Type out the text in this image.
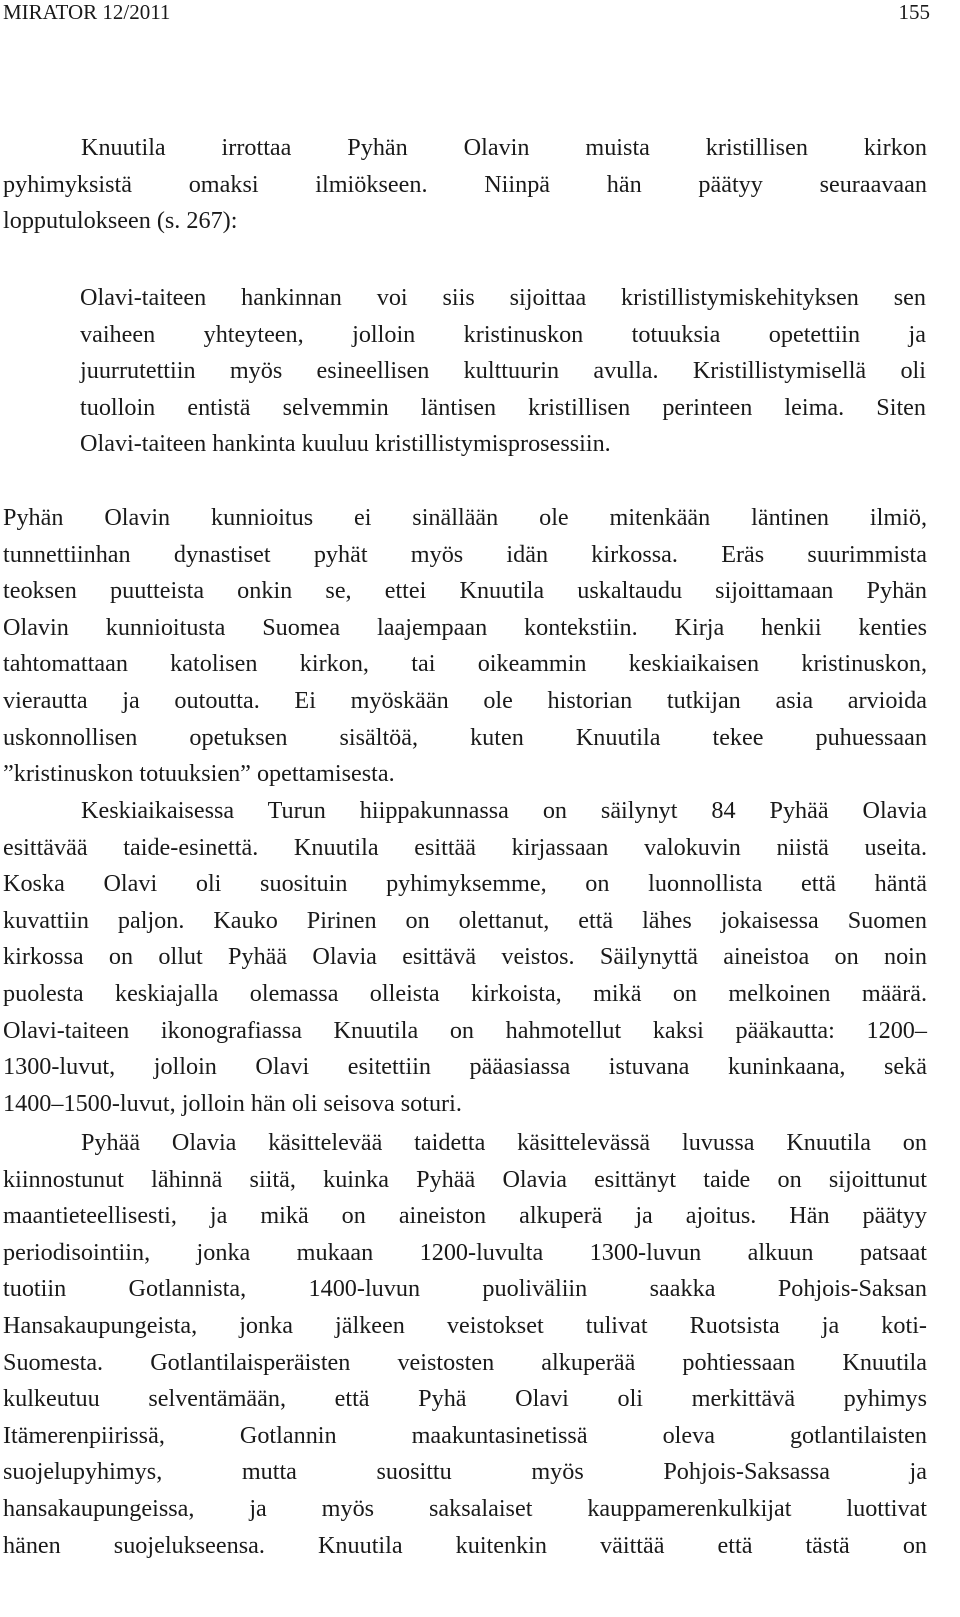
MIRATOR 12/2011	155
Knuutila irrottaa Pyhän Olavin muista kristillisen kirkon
pyhimyksistä omaksi ilmiökseen. Niinpä hän päätyy seuraavaan
lopputulokseen (s. 267):
Olavi-taiteen hankinnan voi siis sijoittaa kristillistymiskehityksen sen
vaiheen yhteyteen, jolloin kristinuskon totuuksia opetettiin ja
juurrutettiin myös esineellisen kulttuurin avulla. Kristillistymisellä oli
tuolloin entistä selvemmin läntisen kristillisen perinteen leima. Siten
Olavi-taiteen hankinta kuuluu kristillistymisprosessiin.
Pyhän Olavin kunnioitus ei sinällään ole mitenkään läntinen ilmiö,
tunnettiinhan dynastiset pyhät myös idän kirkossa. Eräs suurimmista
teoksen puutteista onkin se, ettei Knuutila uskaltaudu sijoittamaan Pyhän
Olavin kunnioitusta Suomea laajempaan kontekstiin. Kirja henkii kenties
tahtomattaan katolisen kirkon, tai oikeammin keskiaikaisen kristinuskon,
vierautta ja outoutta. Ei myöskään ole historian tutkijan asia arvioida
uskonnollisen opetuksen sisältöä, kuten Knuutila tekee puhuessaan
”kristinuskon totuuksien” opettamisesta.
Keskiaikaisessa Turun hiippakunnassa on säilynyt 84 Pyhää Olavia
esittävää taide-esinettä. Knuutila esittää kirjassaan valokuvin niistä useita.
Koska Olavi oli suosituin pyhimyksemme, on luonnollista että häntä
kuvattiin paljon. Kauko Pirinen on olettanut, että lähes jokaisessa Suomen
kirkossa on ollut Pyhää Olavia esittävä veistos. Säilynyttä aineistoa on noin
puolesta keskiajalla olemassa olleista kirkoista, mikä on melkoinen määrä.
Olavi-taiteen ikonografiassa Knuutila on hahmotellut kaksi pääkautta: 1200–
1300-luvut, jolloin Olavi esitettiin pääasiassa istuvana kuninkaana, sekä
1400–1500-luvut, jolloin hän oli seisova soturi.
Pyhää Olavia käsittelevää taidetta käsittelevässä luvussa Knuutila on
kiinnostunut lähinnä siitä, kuinka Pyhää Olavia esittänyt taide on sijoittunut
maantieteellisesti, ja mikä on aineiston alkuperä ja ajoitus. Hän päätyy
periodisointiin, jonka mukaan 1200-luvulta 1300-luvun alkuun patsaat
tuotiin Gotlannista, 1400-luvun puoliväliin saakka Pohjois-Saksan
Hansakaupungeista, jonka jälkeen veistokset tulivat Ruotsista ja koti-
Suomesta. Gotlantilaisperäisten veistosten alkuperää pohtiessaan Knuutila
kulkeutuu selventämään, että Pyhä Olavi oli merkittävä pyhimys
Itämerenpiirissä, Gotlannin maakuntasinetissä oleva gotlantilaisten
suojelupyhimys, mutta suosittu myös Pohjois-Saksassa ja
hansakaupungeissa, ja myös saksalaiset kauppamerenkulkijat luottivat
hänen suojelukseensa. Knuutila kuitenkin väittää että tästä on
